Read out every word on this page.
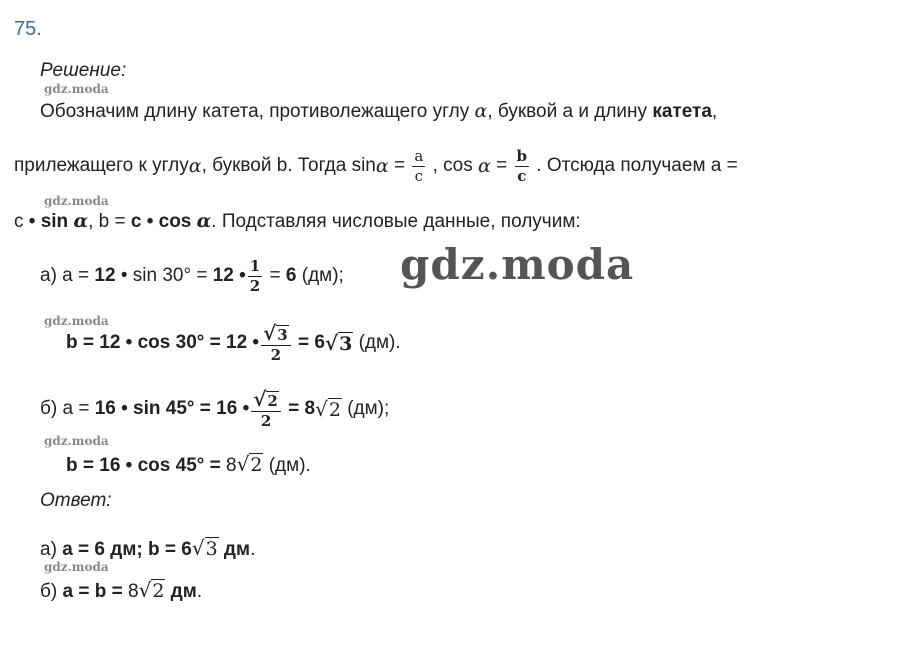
75.
Решение:
gdz.moda
Обозначим длину катета, противолежащего углу α, буквой a и длину катета,
прилежащего к углу α , буквой b. Тогда $\sin \alpha = \frac{a}{c}$ , $\cos \alpha = \frac{b}{c}$ . Отсюда получаем a =
gdz.moda
c • sin α, b = c • cos α. Подставляя числовые данные, получим:
а) a = 12 • sin 30° = 12 • $\frac{1}{2} = 6$ (дм); gdz.moda
gdz.moda
b = 12 • cos 30° = 12 • $\frac{√3}{2} = 6$ √3 (дм).
б) a = 16 • sin 45° = 16 • $\frac{√2}{2} = 8$ √2 (дм);
gdz.moda
b = 16 • cos 45° = 8√2 (дм).
Ответ:
а) a = 6 дм; b = 6√3 дм.
gdz.moda
б) a = b = 8√2 дм.
